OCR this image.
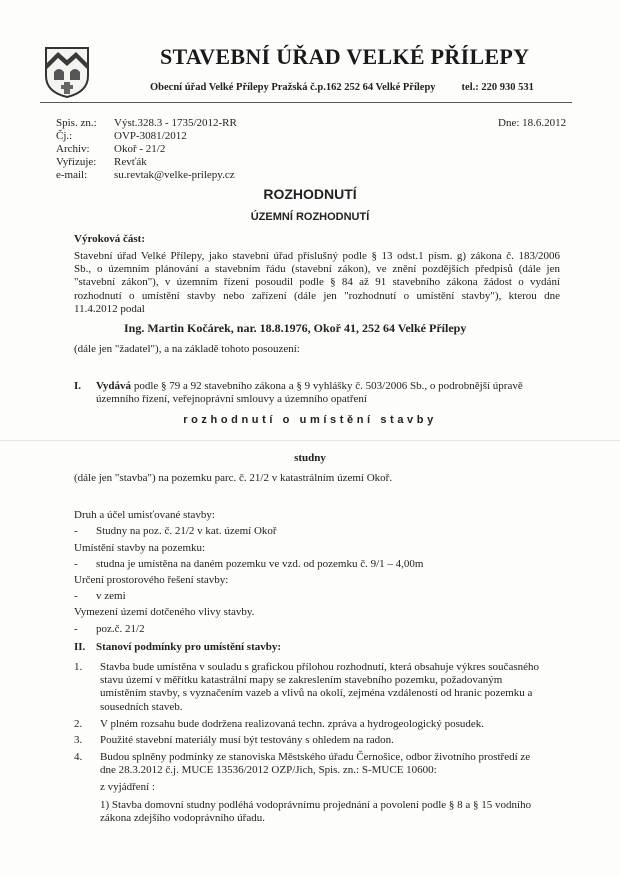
STAVEBNÍ ÚŘAD VELKÉ PŘÍLEPY
Obecní úřad Velké Přílepy Pražská č.p.162 252 64 Velké Přílepy tel.: 220 930 531
Spis. zn.:	Výst.328.3 - 1735/2012-RR
Čj.:	OVP-3081/2012
Archiv:	Okoř - 21/2
Vyřizuje:	Revťák
e-mail:	su.revtak@velke-prilepy.cz
Dne: 18.6.2012
ROZHODNUTÍ
ÚZEMNÍ ROZHODNUTÍ
Výroková část:
Stavební úřad Velké Přílepy, jako stavební úřad příslušný podle § 13 odst.1 písm. g) zákona č. 183/2006
Sb., o územním plánování a stavebním řádu (stavební zákon), ve znění pozdějších předpisů (dále jen
"stavební zákon"), v územním řízení posoudil podle § 84 až 91 stavebního zákona žádost o vydání
rozhodnutí o umístění stavby nebo zařízení (dále jen "rozhodnutí o umístění stavby"), kterou dne
11.4.2012 podal
Ing. Martin Kočárek, nar. 18.8.1976, Okoř 41, 252 64 Velké Přílepy
(dále jen "žadatel"), a na základě tohoto posouzení:
I. Vydává podle § 79 a 92 stavebního zákona a § 9 vyhlášky č. 503/2006 Sb., o podrobnější úpravě
územního řízení, veřejnoprávní smlouvy a územního opatření
rozhodnutí o umístění stavby
studny
(dále jen "stavba") na pozemku parc. č. 21/2 v katastrálním území Okoř.
Druh a účel umisťované stavby:
- Studny na poz. č. 21/2 v kat. území Okoř
Umístění stavby na pozemku:
- studna je umístěna na daném pozemku ve vzd. od pozemku č. 9/1 – 4,00m
Určení prostorového řešení stavby:
- v zemi
Vymezení území dotčeného vlivy stavby.
- poz.č. 21/2
II. Stanoví podmínky pro umístění stavby:
1.	Stavba bude umístěna v souladu s grafickou přílohou rozhodnutí, která obsahuje výkres současného
stavu území v měřítku katastrální mapy se zakreslením stavebního pozemku, požadovaným
umístěním stavby, s vyznačením vazeb a vlivů na okolí, zejména vzdáleností od hranic pozemku a
sousedních staveb.
2.	V plném rozsahu bude dodržena realizovaná techn. zpráva a hydrogeologický posudek.
3.	Použité stavební materiály musí být testovány s ohledem na radon.
4.	Budou splněny podmínky ze stanoviska Městského úřadu Černošice, odbor životního prostředí ze
dne 28.3.2012 č.j. MUCE 13536/2012 OZP/Jich, Spis. zn.: S-MUCE 10600:
z vyjádření :
1) Stavba domovní studny podléhá vodoprávnímu projednání a povolení podle § 8 a § 15 vodního
zákona zdejšího vodoprávního úřadu.
